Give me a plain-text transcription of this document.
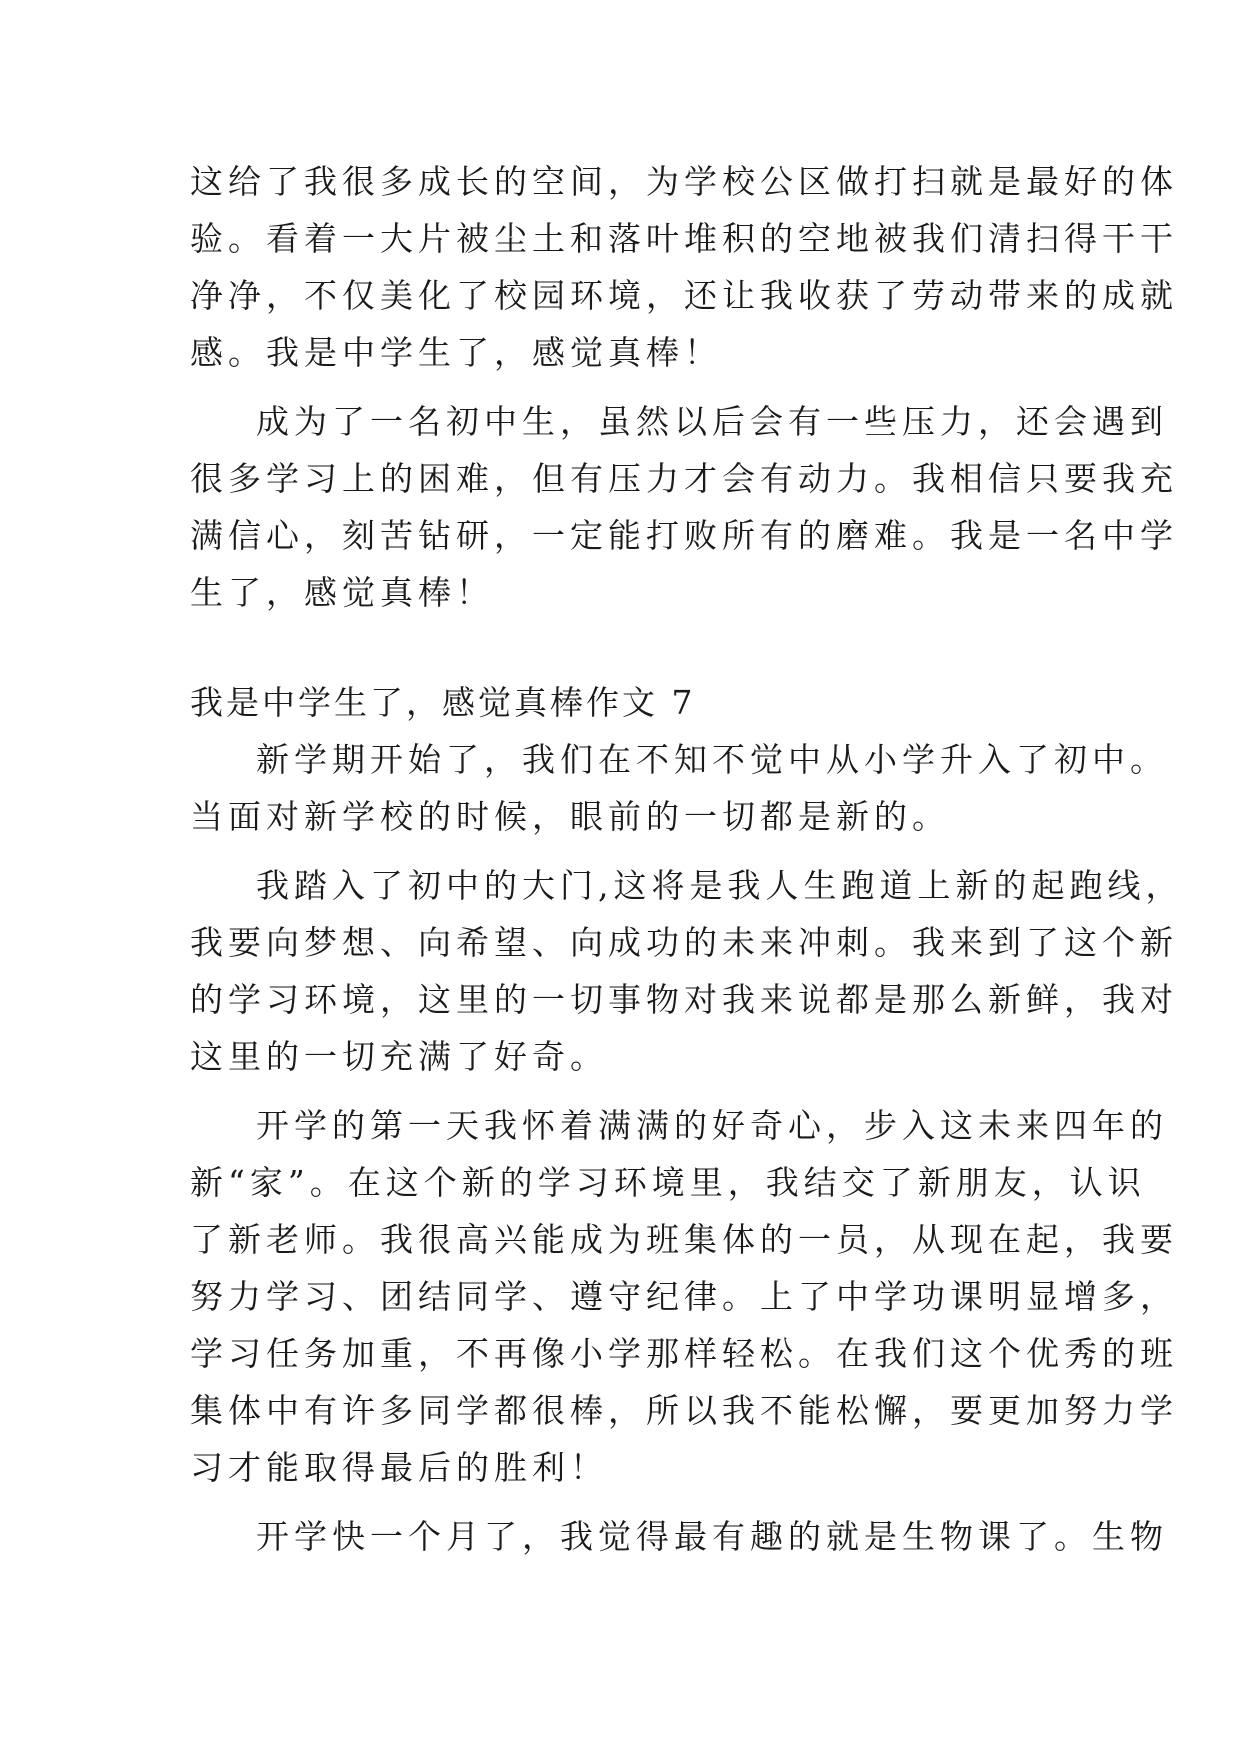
这给了我很多成长的空间，为学校公区做打扫就是最好的体
验。看着一大片被尘土和落叶堆积的空地被我们清扫得干干
净净，不仅美化了校园环境，还让我收获了劳动带来的成就
感。我是中学生了，感觉真棒！
成为了一名初中生，虽然以后会有一些压力，还会遇到
很多学习上的困难，但有压力才会有动力。我相信只要我充
满信心，刻苦钻研，一定能打败所有的磨难。我是一名中学
生了，感觉真棒！
我是中学生了，感觉真棒作文 7
新学期开始了，我们在不知不觉中从小学升入了初中。
当面对新学校的时候，眼前的一切都是新的。
我踏入了初中的大门,这将是我人生跑道上新的起跑线，
我要向梦想、向希望、向成功的未来冲刺。我来到了这个新
的学习环境，这里的一切事物对我来说都是那么新鲜，我对
这里的一切充满了好奇。
开学的第一天我怀着满满的好奇心，步入这未来四年的
新“家”。在这个新的学习环境里，我结交了新朋友，认识
了新老师。我很高兴能成为班集体的一员，从现在起，我要
努力学习、团结同学、遵守纪律。上了中学功课明显增多，
学习任务加重，不再像小学那样轻松。在我们这个优秀的班
集体中有许多同学都很棒，所以我不能松懈，要更加努力学
习才能取得最后的胜利！
开学快一个月了，我觉得最有趣的就是生物课了。生物
